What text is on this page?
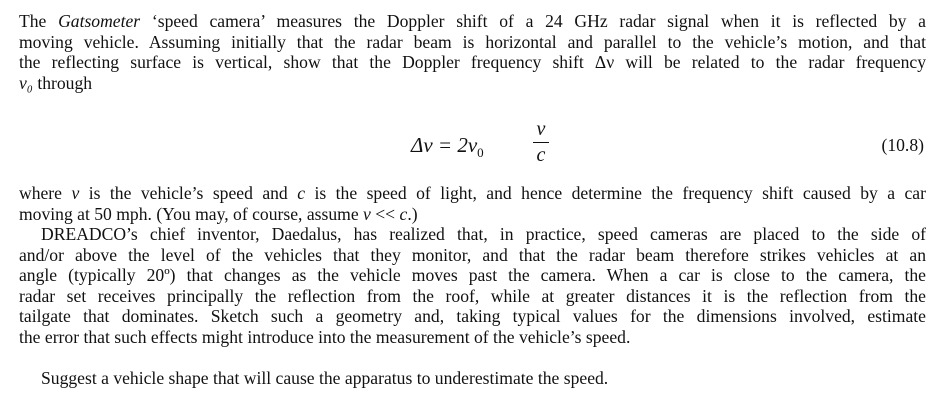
The Gatsometer ‘speed camera’ measures the Doppler shift of a 24 GHz radar signal when it is reflected by a
moving vehicle. Assuming initially that the radar beam is horizontal and parallel to the vehicle’s motion, and that
the reflecting surface is vertical, show that the Doppler frequency shift Δν will be related to the radar frequency
ν₀ through

$\Delta\nu = 2\nu_0$
v
c	(10.8)

where v is the vehicle’s speed and c is the speed of light, and hence determine the frequency shift caused by a car
moving at 50 mph. (You may, of course, assume v << c.)

DREADCO’s chief inventor, Daedalus, has realized that, in practice, speed cameras are placed to the side of
and/or above the level of the vehicles that they monitor, and that the radar beam therefore strikes vehicles at an
angle (typically 20º) that changes as the vehicle moves past the camera. When a car is close to the camera, the
radar set receives principally the reflection from the roof, while at greater distances it is the reflection from the
tailgate that dominates. Sketch such a geometry and, taking typical values for the dimensions involved, estimate
the error that such effects might introduce into the measurement of the vehicle’s speed.

Suggest a vehicle shape that will cause the apparatus to underestimate the speed.
